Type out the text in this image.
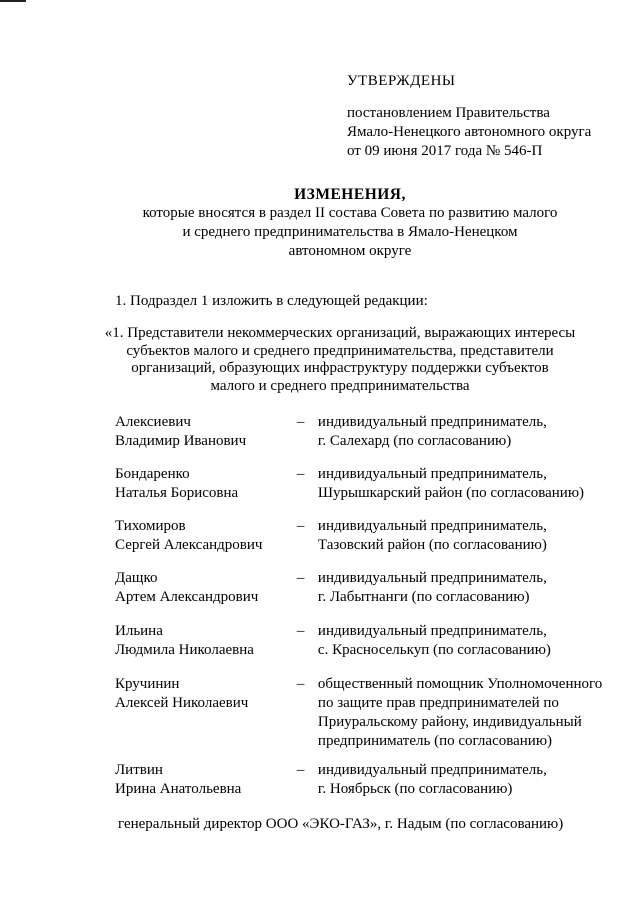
УТВЕРЖДЕНЫ
постановлением Правительства
Ямало-Ненецкого автономного округа
от 09 июня 2017 года № 546-П
ИЗМЕНЕНИЯ,
которые вносятся в раздел II состава Совета по развитию малого
и среднего предпринимательства в Ямало-Ненецком
автономном округе
1. Подраздел 1 изложить в следующей редакции:
«1. Представители некоммерческих организаций, выражающих интересы
субъектов малого и среднего предпринимательства, представители
организаций, образующих инфраструктуру поддержки субъектов
малого и среднего предпринимательства
Алексиевич
Владимир Иванович
– индивидуальный предприниматель,
г. Салехард (по согласованию)
Бондаренко
Наталья Борисовна
– индивидуальный предприниматель,
Шурышкарский район (по согласованию)
Тихомиров
Сергей Александрович
– индивидуальный предприниматель,
Тазовский район (по согласованию)
Дащко
Артем Александрович
– индивидуальный предприниматель,
г. Лабытнанги (по согласованию)
Ильина
Людмила Николаевна
– индивидуальный предприниматель,
с. Красноселькуп (по согласованию)
Кручинин
Алексей Николаевич
– общественный помощник Уполномоченного
по защите прав предпринимателей по
Приуральскому району, индивидуальный
предприниматель (по согласованию)
Литвин
Ирина Анатольевна
– индивидуальный предприниматель,
г. Ноябрьск (по согласованию)
генеральный директор ООО «ЭКО-ГАЗ», г. Надым (по согласованию)
